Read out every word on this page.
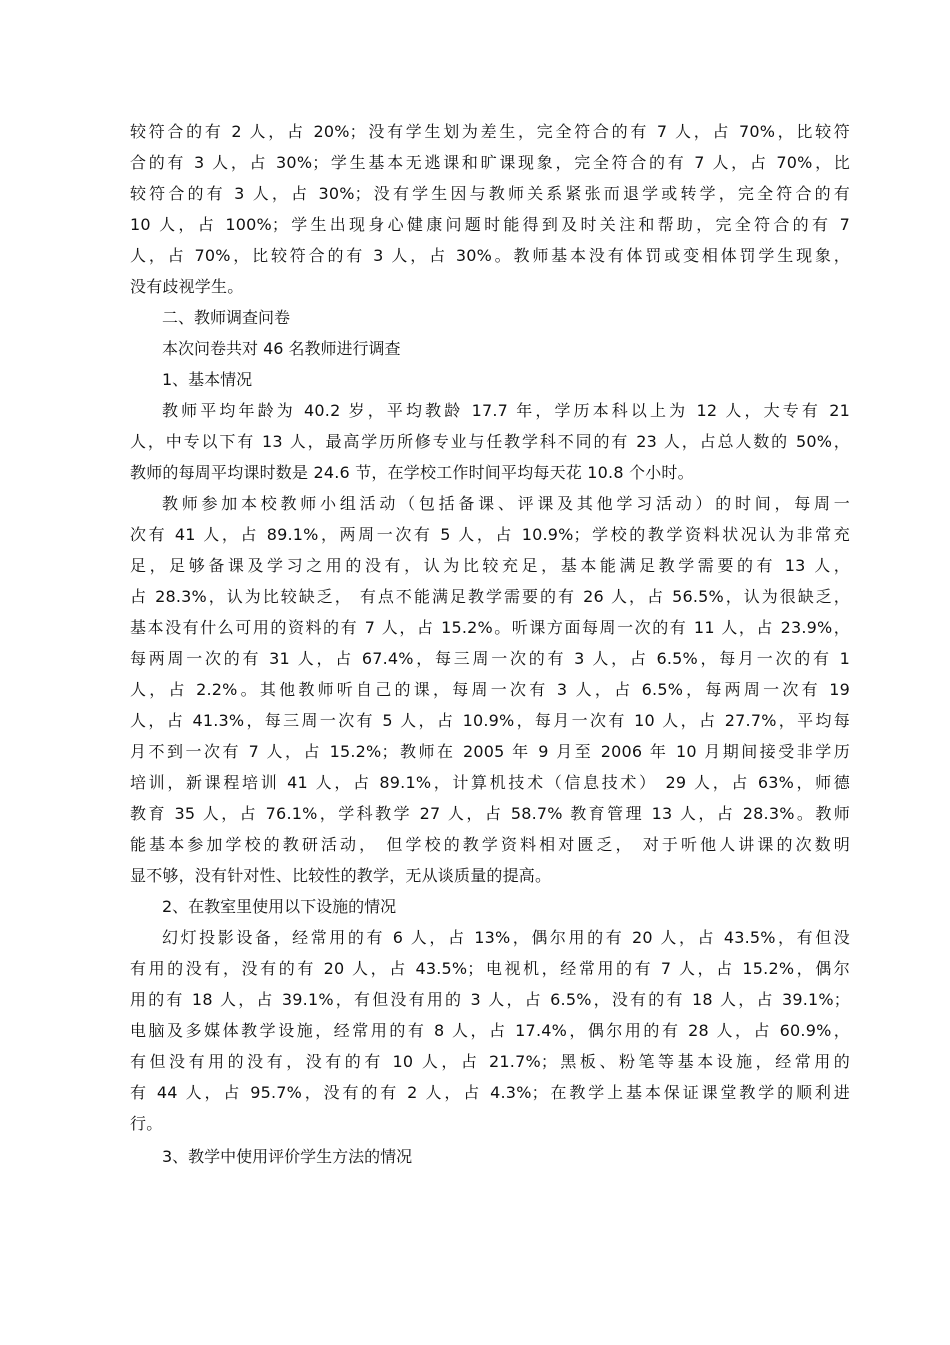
较符合的有 2 人，占 20%；没有学生划为差生，完全符合的有 7 人，占 70%，比较符
合的有 3 人，占 30%；学生基本无逃课和旷课现象，完全符合的有 7 人，占 70%，比
较符合的有 3 人，占 30%；没有学生因与教师关系紧张而退学或转学，完全符合的有
10 人，占 100%；学生出现身心健康问题时能得到及时关注和帮助，完全符合的有 7
人，占 70%，比较符合的有 3 人，占 30%。教师基本没有体罚或变相体罚学生现象，
没有歧视学生。
二、教师调查问卷
本次问卷共对 46 名教师进行调查
1、基本情况
教师平均年龄为 40.2 岁，平均教龄 17.7 年，学历本科以上为 12 人，大专有 21
人，中专以下有 13 人，最高学历所修专业与任教学科不同的有 23 人，占总人数的 50%，
教师的每周平均课时数是 24.6 节，在学校工作时间平均每天花 10.8 个小时。
教师参加本校教师小组活动（包括备课、评课及其他学习活动）的时间，每周一
次有 41 人，占 89.1%，两周一次有 5 人，占 10.9%；学校的教学资料状况认为非常充
足，足够备课及学习之用的没有，认为比较充足，基本能满足教学需要的有 13 人，
占 28.3%，认为比较缺乏， 有点不能满足教学需要的有 26 人，占 56.5%，认为很缺乏，
基本没有什么可用的资料的有 7 人，占 15.2%。听课方面每周一次的有 11 人，占 23.9%，
每两周一次的有 31 人，占 67.4%，每三周一次的有 3 人，占 6.5%，每月一次的有 1
人，占 2.2%。其他教师听自己的课，每周一次有 3 人，占 6.5%，每两周一次有 19
人，占 41.3%，每三周一次有 5 人，占 10.9%，每月一次有 10 人，占 27.7%，平均每
月不到一次有 7 人，占 15.2%；教师在 2005 年 9 月至 2006 年 10 月期间接受非学历
培训，新课程培训 41 人，占 89.1%，计算机技术（信息技术） 29 人，占 63%，师德
教育 35 人，占 76.1%，学科教学 27 人，占 58.7% 教育管理 13 人，占 28.3%。教师
能基本参加学校的教研活动， 但学校的教学资料相对匮乏， 对于听他人讲课的次数明
显不够，没有针对性、比较性的教学，无从谈质量的提高。
2、在教室里使用以下设施的情况
幻灯投影设备，经常用的有 6 人，占 13%，偶尔用的有 20 人，占 43.5%，有但没
有用的没有，没有的有 20 人，占 43.5%；电视机，经常用的有 7 人，占 15.2%，偶尔
用的有 18 人，占 39.1%，有但没有用的 3 人，占 6.5%，没有的有 18 人，占 39.1%；
电脑及多媒体教学设施，经常用的有 8 人，占 17.4%，偶尔用的有 28 人，占 60.9%，
有但没有用的没有，没有的有 10 人，占 21.7%；黑板、粉笔等基本设施，经常用的
有 44 人，占 95.7%，没有的有 2 人，占 4.3%；在教学上基本保证课堂教学的顺利进
行。
3、教学中使用评价学生方法的情况
